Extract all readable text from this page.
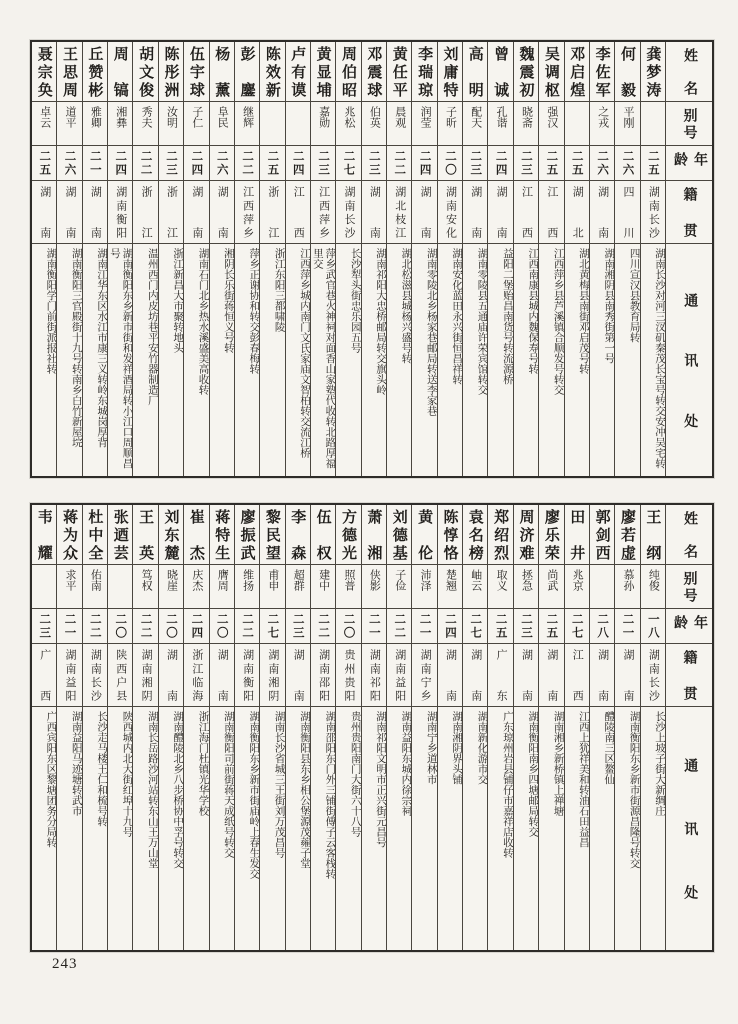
姓名
别号
年龄
籍贯
通讯处
龚梦涛
二五
湖南长沙
湖南长沙对河三汊矶秦茂长宝号转交安冲吴宅转
何毅
平刚
二六
四川
四川宣汉县教育局转
李佐军
之戎
二六
湖南
湖南湘阴县南秀街第一号
邓启煌
二五
湖北
湖北黄梅县南街邓启茂号转
吴调枢
强汉
二五
江西
江西萍乡县芦溪镇合顺发号转交
魏震初
晓斋
二三
江西
江西南康县城内魏保寿号转
曾诚
孔谐
二四
湖南
益阳二堡贻昌南货号转流源桥
高明
配天
二三
湖南
湖南零陵县五通庙许荣宾馆转交
刘庸特
子昕
二〇
湖南安化
湖南安化蓝田永兴街恒昌祥转
李瑞琼
润莹
二四
湖南
湖南零陵北乡杨家巷邮局转送李家巷
黄任平
晨观
二二
湖北枝江
湖北松滋县城杨兴盛号转
邓震球
伯英
二三
湖南
湖南祁阳大忠桥邮局转交旗头岭
周伯昭
兆松
二七
湖南长沙
长沙犁头街忠乐园五号
黄显埔
嘉勋
二三
江西萍乡
萍乡武官巷火神祠对面香山家塾代收转北路厚福里交
卢有谟
二四
江西
江西萍乡城内南门文氏家庙文智柏转交流江桥
陈效新
二五
浙江
浙江东阳三都啸陵
彭鏖
继辉
二二
江西萍乡
萍乡正谢协和转交彭春梅转
杨薰
阜民
二六
湖南
湘阴长乐街蒋恒义号转
伍宇球
子仁
二四
湖南
湖南石门北乡热水溪盛美高收转
陈彤洲
汝明
二三
浙江
浙江新昌大市聚转地头
胡文俊
秀夫
二二
浙江
温州西门内皮坊巷平安竹器制造厂
周镐
湘彝
二四
湖南衡阳
湖南衡阳东乡新市街和发祥酒局转小江口周顺昌号
丘赞彬
雅卿
二一
湖南
湖南江华东区水江市康三义转岭东城岗厚背
王思周
道平
二六
湖南
湖南衡阳三官殿街十九号转南乡白竹新屋垸
聂宗奂
卓云
二五
湖南
湖南衡阳学门前街派报社转
姓名
别号
年龄
籍贯
通讯处
王纲
纯俊
一八
湖南长沙
长沙上坡子街大新绸庄
廖若虚
慕孙
二一
湖南
湖南衡阳东乡新市街源昌隆号转交
郭剑西
二八
湖南
醴陵南三区鳌仙
田井
兆京
二七
江西
江西上犹祥美和转油石田益昌
廖乐荣
尚武
二五
湖南
湖南湘乡新桥镇上禅塘
周济难
拯急
二三
湖南
湖南衡阳南乡四塘邮局转交
郑绍烈
取义
二五
广东
广东琼州岩县铺仔市嘉祥店收转
袁名榜
岫云
二七
湖南
湖南新化游市交
陈惇恪
楚翘
二四
湖南
湖南湘阴界头铺
黄伦
沛泽
二一
湖南宁乡
湖南宁乡道林市
刘德基
子俭
二二
湖南益阳
湖南益阳东城内徐宗祠
萧湘
侠影
二一
湖南祁阳
湖南祁阳文明市正兴街元昌号
方德光
照普
二〇
贵州贵阳
贵州贵阳南门大街六十八号
伍权
建中
二二
湖南邵阳
湖南邵阳东门外三铺街傅子云客栈转
李森
超群
二三
湖南
湖南衡阳县东乡相公堡源茂蕹子堂
黎民望
甫申
二七
湖南湘阴
湖南长沙省城三王街刘万茂昌号
廖振武
维扬
二二
湖南衡阳
湖南衡阳东乡新市街庙岭上春生发交
蒋特生
膺周
二〇
湖南
湖南衡阳司前街蒋天成纸号转交
崔杰
庆杰
二四
浙江临海
浙江海门杜镇光华学校
刘东麓
晓崖
二〇
湖南
湖南醴陵北乡八步桥协中孚号转交
王英
笃权
二二
湖南湘阴
湖南长岳路沙河站转东山王万山堂
张迺芸
二〇
陕西户县
陕西城内北大街红埠十九号
杜中全
佑南
二二
湖南长沙
长沙走马楼王仁和梳号转
蒋为众
求平
二一
湖南益阳
湖南益阳马迹塘转武市
韦耀
二三
广西
广西宾阳东区黎塘团务分局转
243
